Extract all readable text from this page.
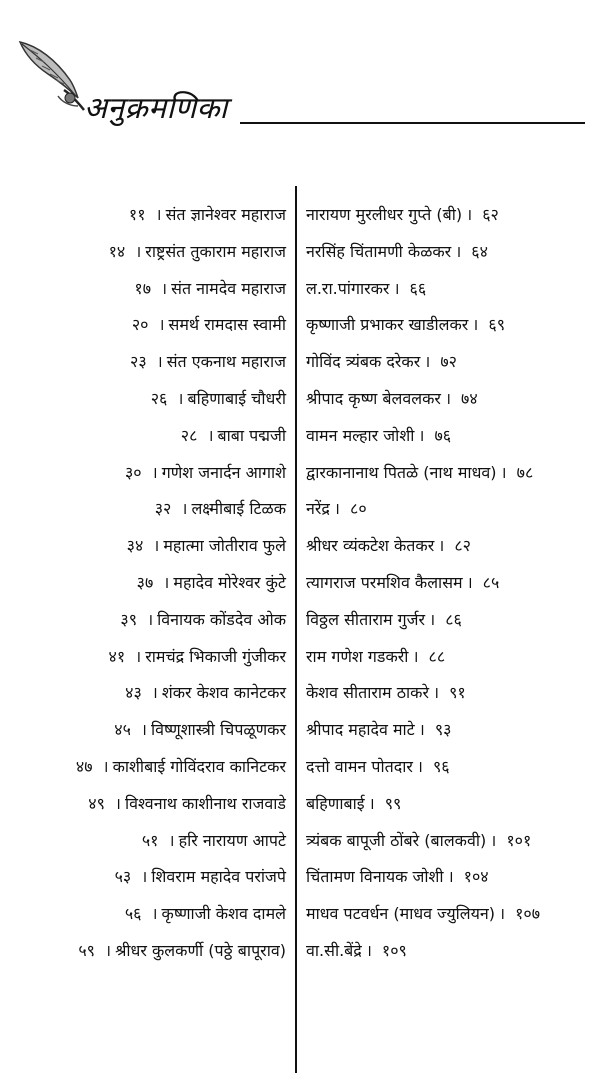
अनुक्रमणिका
११ । संत ज्ञानेश्वर महाराज
१४ । राष्ट्रसंत तुकाराम महाराज
१७ । संत नामदेव महाराज
२० । समर्थ रामदास स्वामी
२३ । संत एकनाथ महाराज
२६ । बहिणाबाई चौधरी
२८ । बाबा पद्मजी
३० । गणेश जनार्दन आगाशे
३२ । लक्ष्मीबाई टिळक
३४ । महात्मा जोतीराव फुले
३७ । महादेव मोरेश्वर कुंटे
३९ । विनायक कोंडदेव ओक
४१ । रामचंद्र भिकाजी गुंजीकर
४३ । शंकर केशव कानेटकर
४५ । विष्णूशास्त्री चिपळूणकर
४७ । काशीबाई गोविंदराव कानिटकर
४९ । विश्वनाथ काशीनाथ राजवाडे
५१ । हरि नारायण आपटे
५३ । शिवराम महादेव परांजपे
५६ । कृष्णाजी केशव दामले
५९ । श्रीधर कुलकर्णी (पठ्ठे बापूराव)
नारायण मुरलीधर गुप्ते (बी) । ६२
नरसिंह चिंतामणी केळकर । ६४
ल.रा.पांगारकर । ६६
कृष्णाजी प्रभाकर खाडीलकर । ६९
गोविंद त्र्यंबक दरेकर । ७२
श्रीपाद कृष्ण बेलवलकर । ७४
वामन मल्हार जोशी । ७६
द्वारकानानाथ पितळे (नाथ माधव) । ७८
नरेंद्र । ८०
श्रीधर व्यंकटेश केतकर । ८२
त्यागराज परमशिव कैलासम । ८५
विठ्ठल सीताराम गुर्जर । ८६
राम गणेश गडकरी । ८८
केशव सीताराम ठाकरे । ९१
श्रीपाद महादेव माटे । ९३
दत्तो वामन पोतदार । ९६
बहिणाबाई । ९९
त्र्यंबक बापूजी ठोंबरे (बालकवी) । १०१
चिंतामण विनायक जोशी । १०४
माधव पटवर्धन (माधव ज्युलियन) । १०७
वा.सी.बेंद्रे । १०९
